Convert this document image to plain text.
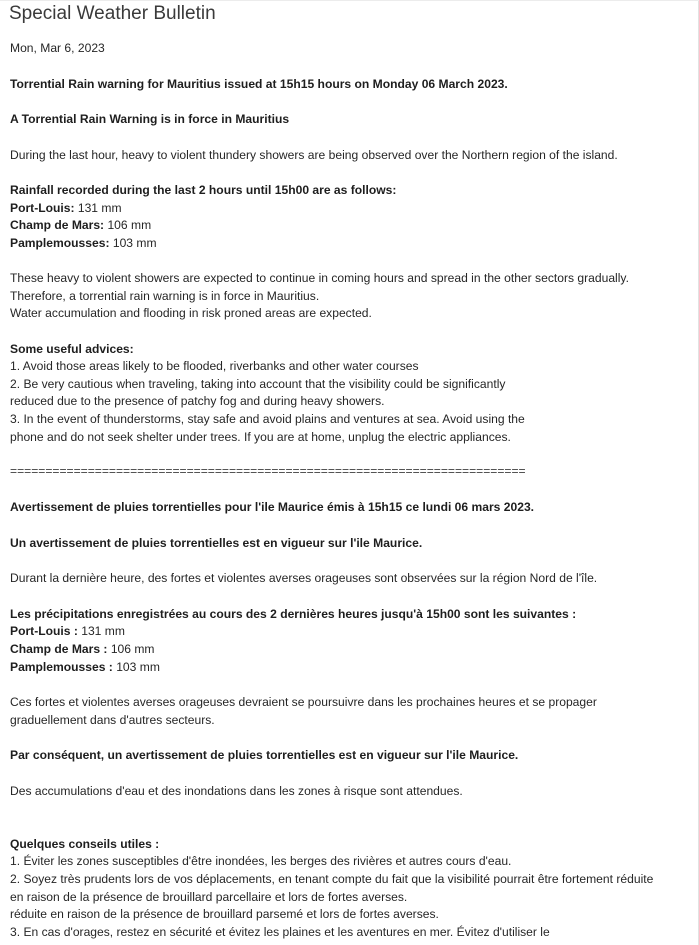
Special Weather Bulletin
Mon, Mar 6, 2023
Torrential Rain warning for Mauritius issued at 15h15 hours on Monday 06 March 2023.
A Torrential Rain Warning is in force in Mauritius
During the last hour, heavy to violent thundery showers are being observed over the Northern region of the island.
Rainfall recorded during the last 2 hours until 15h00 are as follows:
Port-Louis: 131 mm
Champ de Mars: 106 mm
Pamplemousses: 103 mm
These heavy to violent showers are expected to continue in coming hours and spread in the other sectors gradually.
Therefore, a torrential rain warning is in force in Mauritius.
Water accumulation and flooding in risk proned areas are expected.
Some useful advices:
1. Avoid those areas likely to be flooded, riverbanks and other water courses
2. Be very cautious when traveling, taking into account that the visibility could be significantly
reduced due to the presence of patchy fog and during heavy showers.
3. In the event of thunderstorms, stay safe and avoid plains and ventures at sea. Avoid using the
phone and do not seek shelter under trees. If you are at home, unplug the electric appliances.
=========================================================================
Avertissement de pluies torrentielles pour l'ile Maurice émis à 15h15 ce lundi 06 mars 2023.
Un avertissement de pluies torrentielles est en vigueur sur l'ile Maurice.
Durant la dernière heure, des fortes et violentes averses orageuses sont observées sur la région Nord de l'île.
Les précipitations enregistrées au cours des 2 dernières heures jusqu'à 15h00 sont les suivantes :
Port-Louis : 131 mm
Champ de Mars : 106 mm
Pamplemousses : 103 mm
Ces fortes et violentes averses orageuses devraient se poursuivre dans les prochaines heures et se propager
graduellement dans d'autres secteurs.
Par conséquent, un avertissement de pluies torrentielles est en vigueur sur l'ile Maurice.
Des accumulations d'eau et des inondations dans les zones à risque sont attendues.
Quelques conseils utiles :
1. Éviter les zones susceptibles d'être inondées, les berges des rivières et autres cours d'eau.
2. Soyez très prudents lors de vos déplacements, en tenant compte du fait que la visibilité pourrait être fortement réduite
en raison de la présence de brouillard parcellaire et lors de fortes averses.
réduite en raison de la présence de brouillard parsemé et lors de fortes averses.
3. En cas d'orages, restez en sécurité et évitez les plaines et les aventures en mer. Évitez d'utiliser le
